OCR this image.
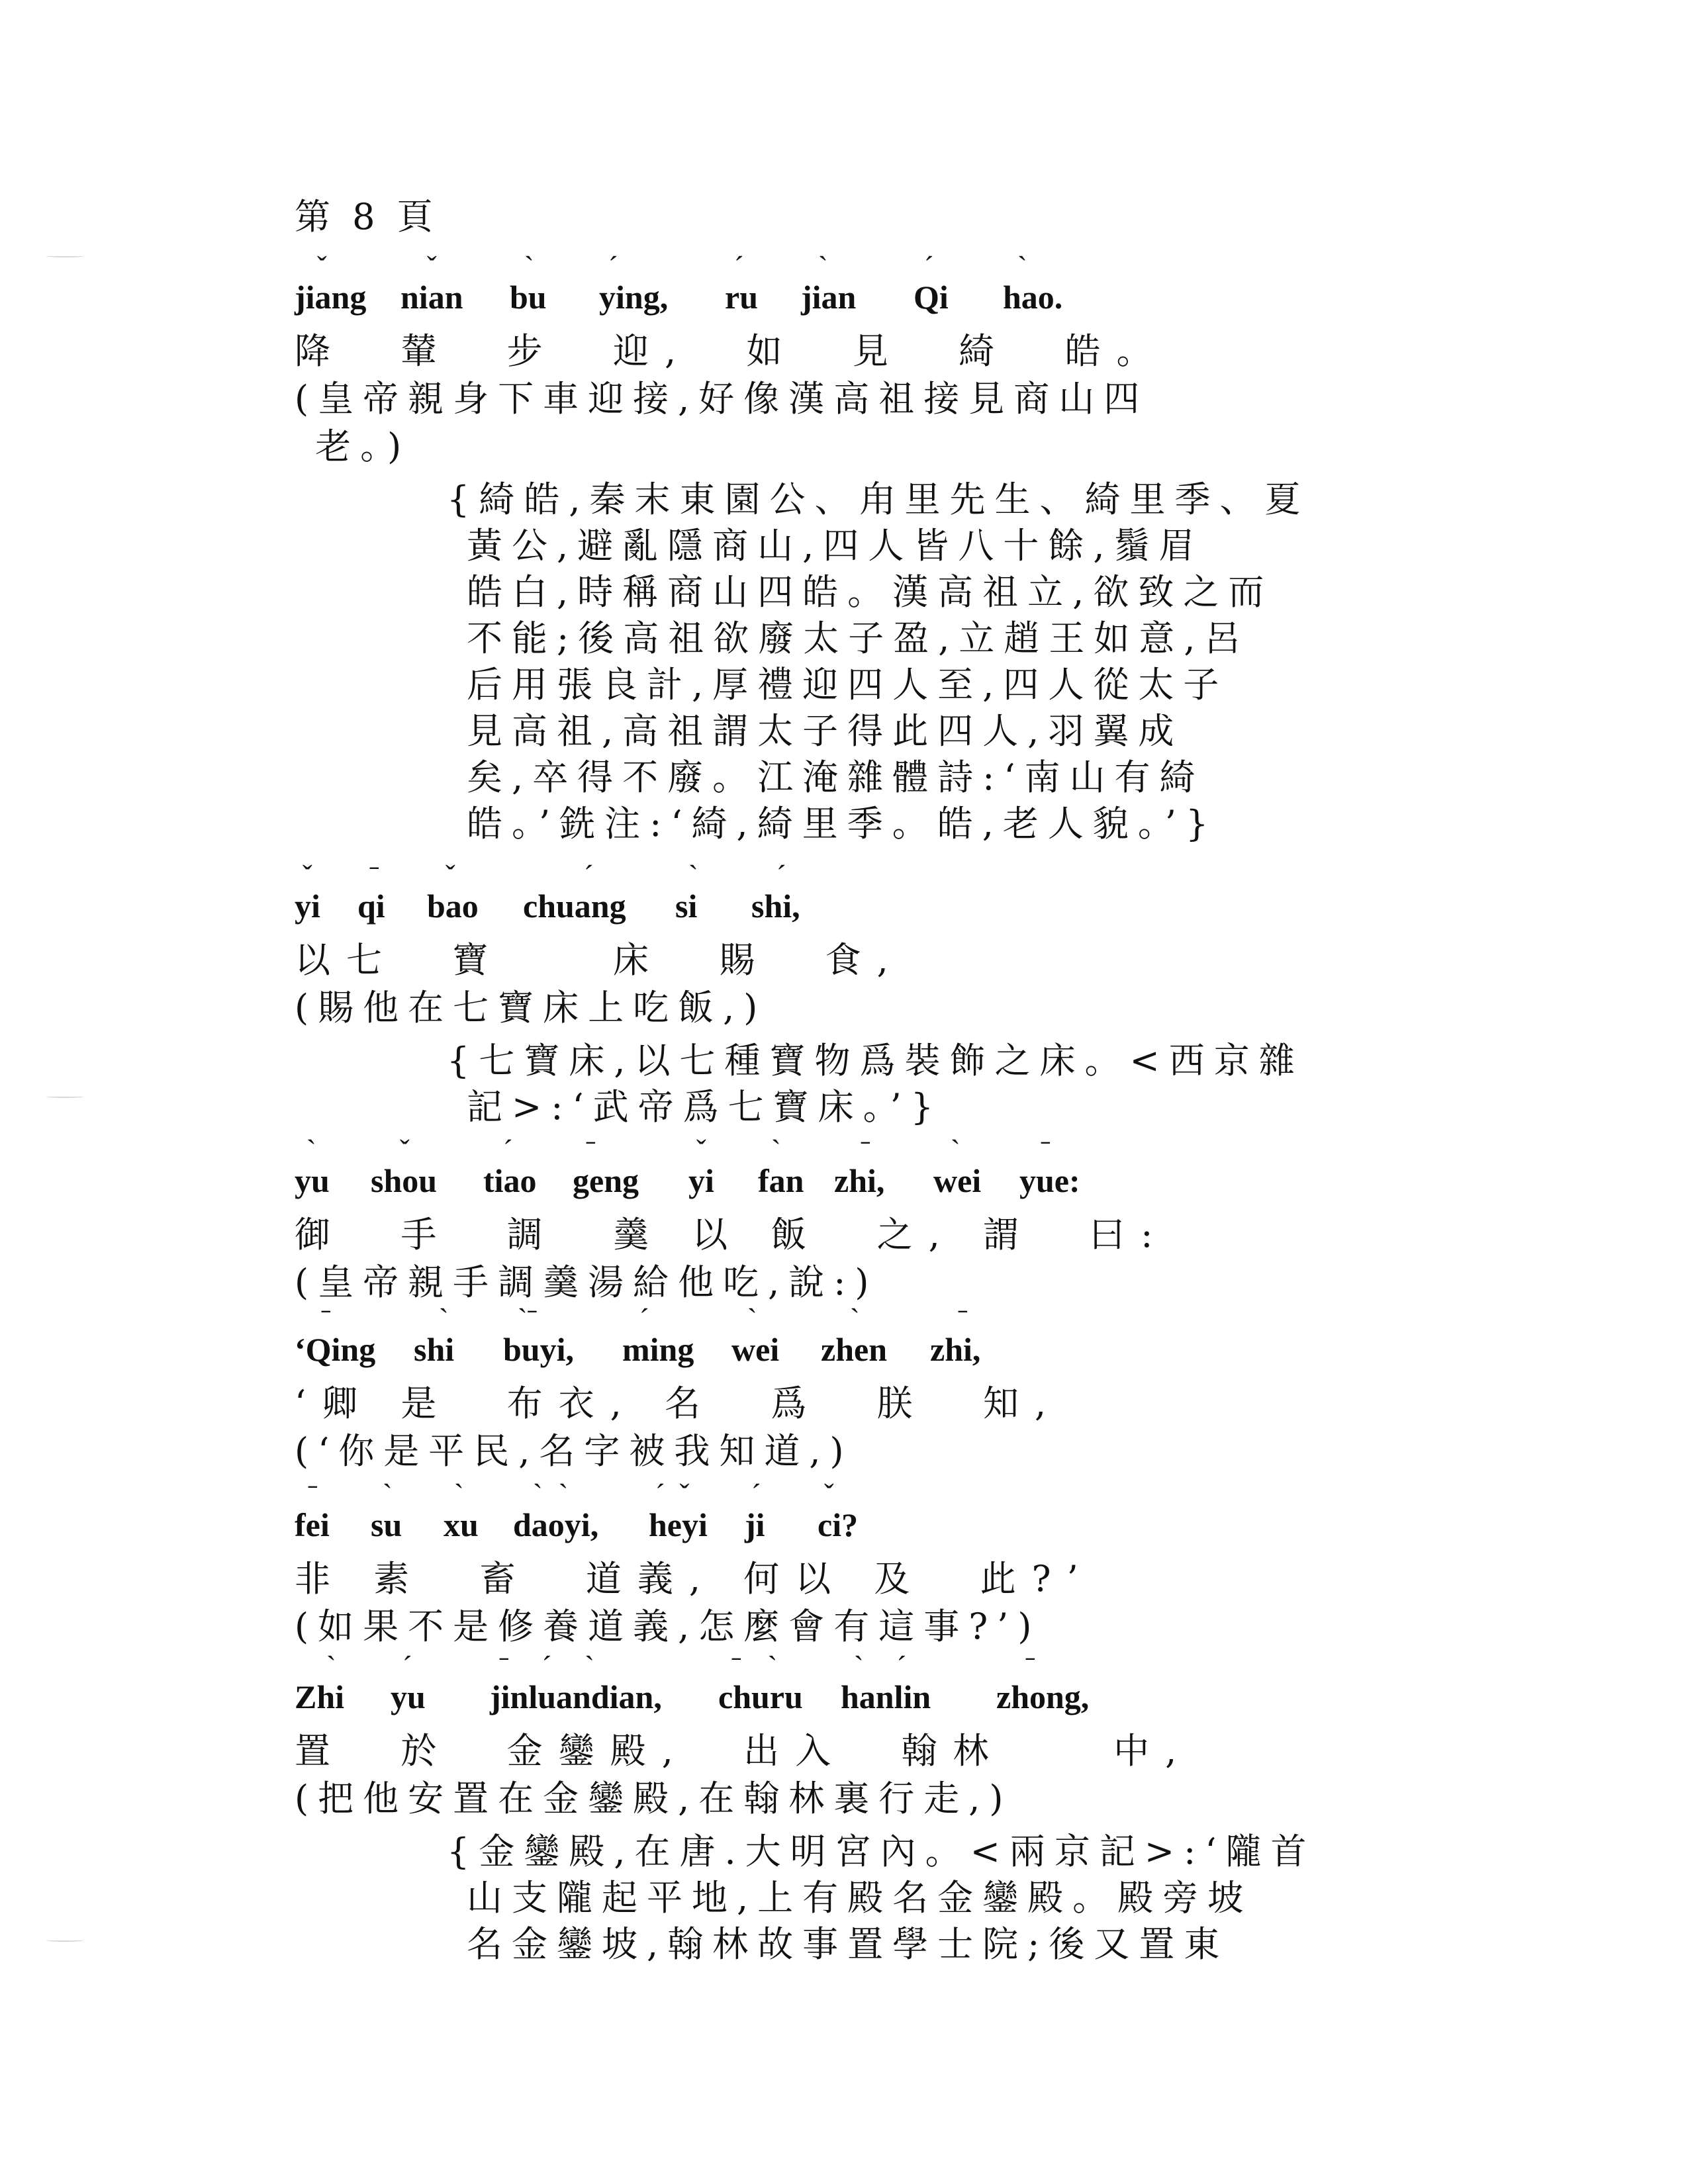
第 8 頁
ˇ
jiang
ˇ
nian
ˋ
bu
ˊ
ying,
ˊ
ru
ˋ
jian
ˊ
Qi
ˋ
hao.
降  輦  步  迎,  如  見  綺  皓。
(皇帝親身下車迎接,好像漢高祖接見商山四
老。)
{綺皓,秦末東園公、甪里先生、綺里季、夏
黃公,避亂隱商山,四人皆八十餘,鬚眉
皓白,時稱商山四皓。漢高祖立,欲致之而
不能;後高祖欲廢太子盈,立趙王如意,呂
后用張良計,厚禮迎四人至,四人從太子
見高祖,高祖謂太子得此四人,羽翼成
矣,卒得不廢。江淹雜體詩:‘南山有綺
皓。’銑注:‘綺,綺里季。皓,老人貌。’}
ˇ
yi
ˉ
qi
ˇ
bao
ˊ
chuang
ˋ
si
ˊ
shi,
以七  寶    床  賜  食,
(賜他在七寶床上吃飯,)
{七寶床,以七種寶物爲裝飾之床。<西京雜
記>:‘武帝爲七寶床。’}
ˋ
yu
ˇ
shou
ˊ
tiao
ˉ
geng
ˇ
yi
ˋ
fan
ˉ
zhi,
ˋ
wei
ˉ
yue:
御  手  調  羹 以 飯  之, 謂  曰:
(皇帝親手調羹湯給他吃,說:)
ˉ
‘Qing
ˋ
shi
ˋˉ
buyi,
ˊ
ming
ˋ
wei
ˋ
zhen
ˉ
zhi,
‘卿 是  布衣, 名  爲  朕  知,
(‘你是平民,名字被我知道,)
ˉ
fei
ˋ
su
ˋ
xu
ˋˋ
daoyi,
ˊˇ
heyi
ˊ
ji
ˇ
ci?
非 素  畜  道義, 何以 及  此?’
(如果不是修養道義,怎麼會有這事?’)
ˋ
Zhi
ˊ
yu
ˉˊˋ
jinluandian,
ˉˋ
churu
ˋˊ
hanlin
ˉ
zhong,
置  於  金鑾殿,  出入  翰林    中,
(把他安置在金鑾殿,在翰林裏行走,)
{金鑾殿,在唐.大明宮內。<兩京記>:‘隴首
山支隴起平地,上有殿名金鑾殿。殿旁坡
名金鑾坡,翰林故事置學士院;後又置東
